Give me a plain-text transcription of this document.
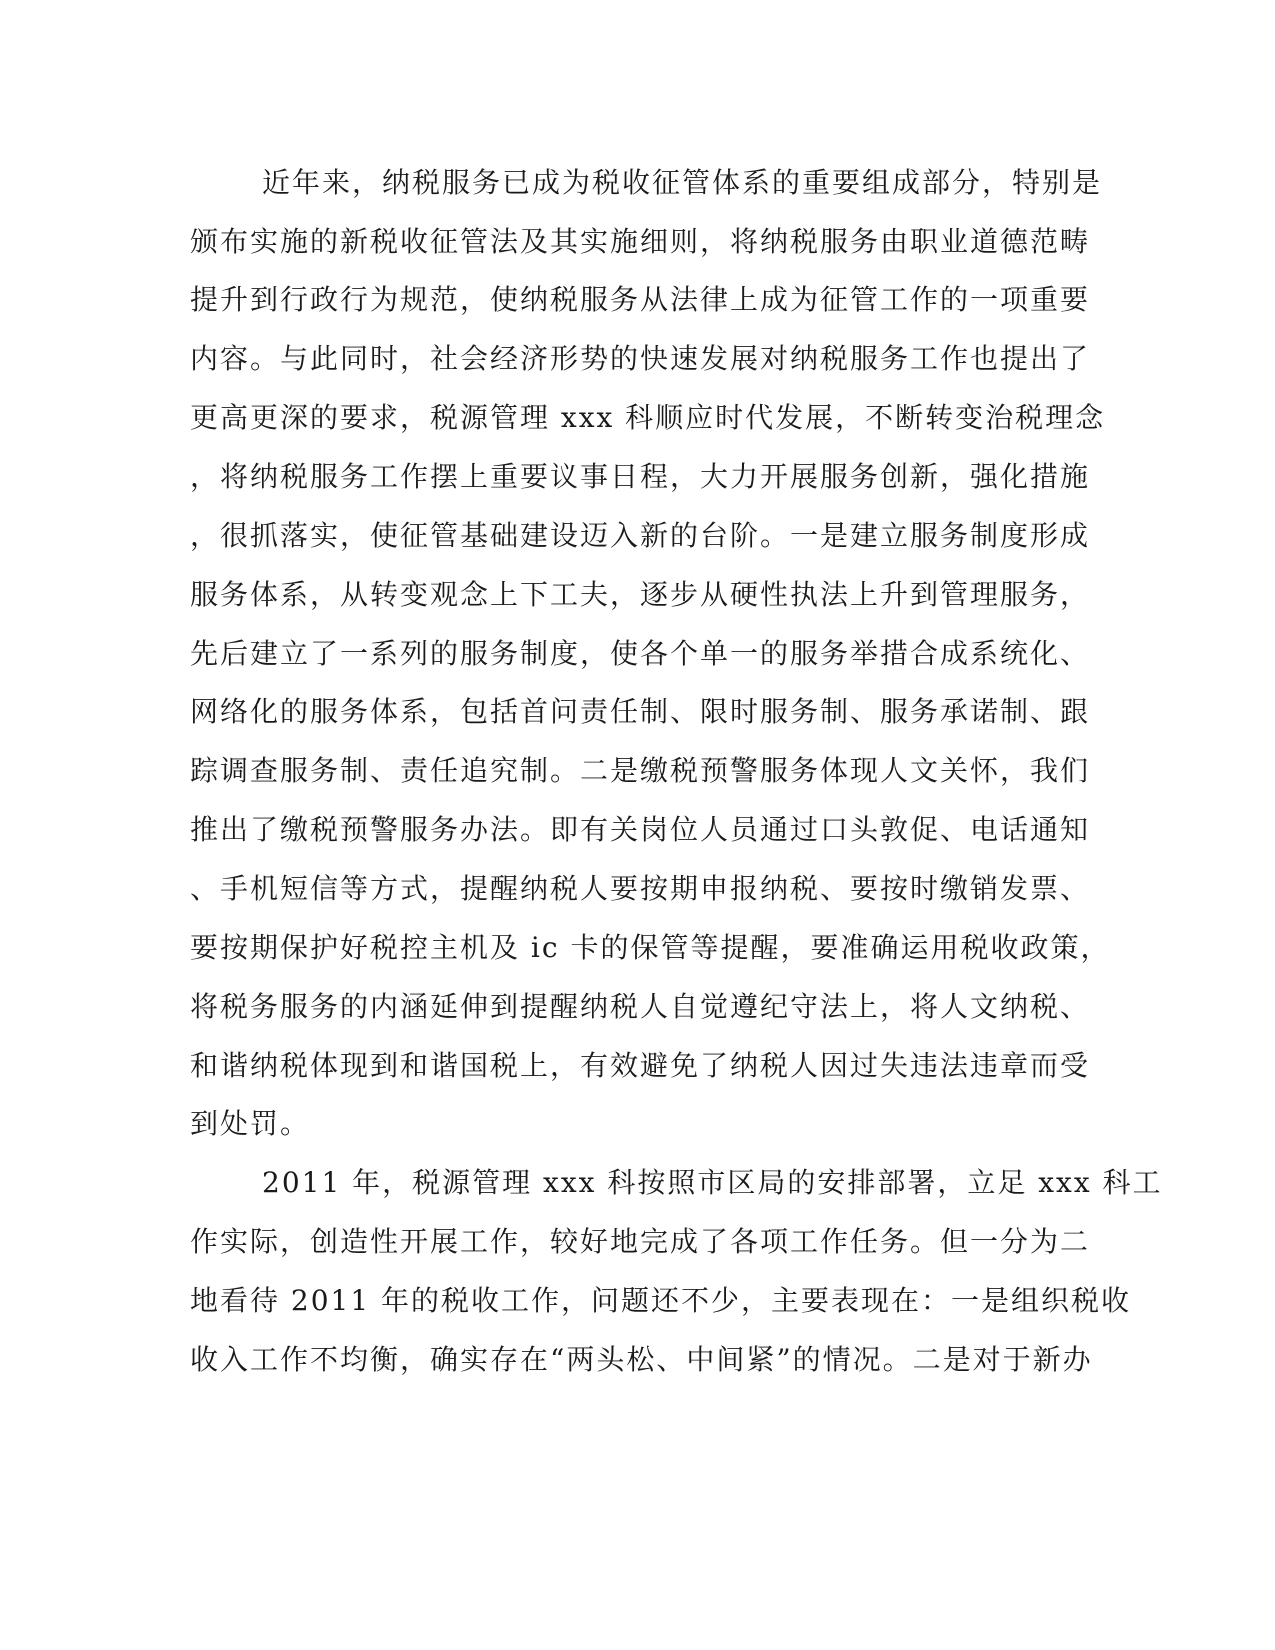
近年来，纳税服务已成为税收征管体系的重要组成部分，特别是

颁布实施的新税收征管法及其实施细则，将纳税服务由职业道德范畴

提升到行政行为规范，使纳税服务从法律上成为征管工作的一项重要

内容。与此同时，社会经济形势的快速发展对纳税服务工作也提出了

更高更深的要求，税源管理 xxx 科顺应时代发展，不断转变治税理念

，将纳税服务工作摆上重要议事日程，大力开展服务创新，强化措施

，很抓落实，使征管基础建设迈入新的台阶。一是建立服务制度形成

服务体系，从转变观念上下工夫，逐步从硬性执法上升到管理服务，

先后建立了一系列的服务制度，使各个单一的服务举措合成系统化、

网络化的服务体系，包括首问责任制、限时服务制、服务承诺制、跟

踪调查服务制、责任追究制。二是缴税预警服务体现人文关怀，我们

推出了缴税预警服务办法。即有关岗位人员通过口头敦促、电话通知

、手机短信等方式，提醒纳税人要按期申报纳税、要按时缴销发票、

要按期保护好税控主机及 ic 卡的保管等提醒，要准确运用税收政策，

将税务服务的内涵延伸到提醒纳税人自觉遵纪守法上，将人文纳税、

和谐纳税体现到和谐国税上，有效避免了纳税人因过失违法违章而受

到处罚。

2011 年，税源管理 xxx 科按照市区局的安排部署，立足 xxx 科工

作实际，创造性开展工作，较好地完成了各项工作任务。但一分为二

地看待 2011 年的税收工作，问题还不少，主要表现在：一是组织税收

收入工作不均衡，确实存在“两头松、中间紧”的情况。二是对于新办
